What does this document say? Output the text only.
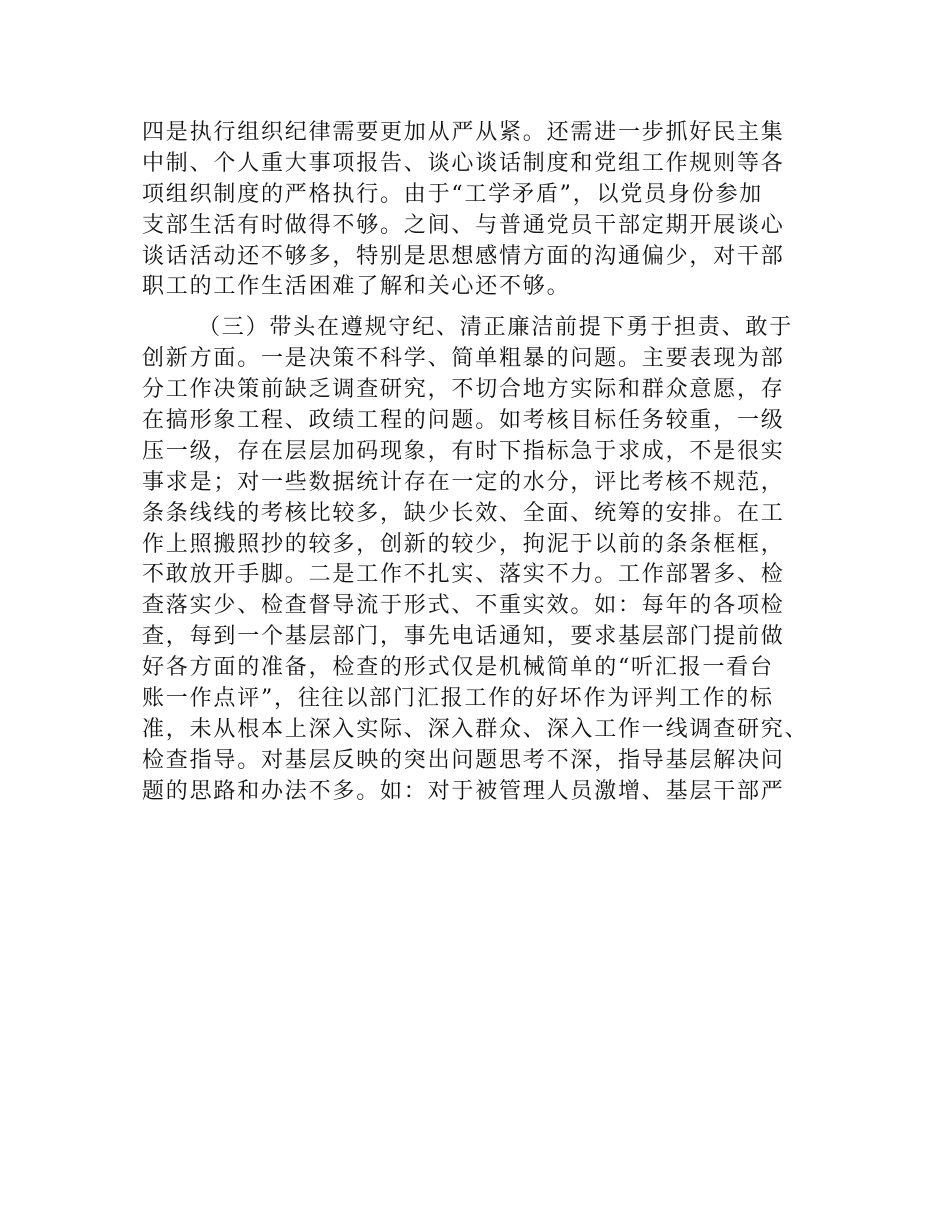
四是执行组织纪律需要更加从严从紧。还需进一步抓好民主集
中制、个人重大事项报告、谈心谈话制度和党组工作规则等各
项组织制度的严格执行。由于“工学矛盾”，以党员身份参加
支部生活有时做得不够。之间、与普通党员干部定期开展谈心
谈话活动还不够多，特别是思想感情方面的沟通偏少，对干部
职工的工作生活困难了解和关心还不够。
（三）带头在遵规守纪、清正廉洁前提下勇于担责、敢于
创新方面。一是决策不科学、简单粗暴的问题。主要表现为部
分工作决策前缺乏调查研究，不切合地方实际和群众意愿，存
在搞形象工程、政绩工程的问题。如考核目标任务较重，一级
压一级，存在层层加码现象，有时下指标急于求成，不是很实
事求是；对一些数据统计存在一定的水分，评比考核不规范，
条条线线的考核比较多，缺少长效、全面、统筹的安排。在工
作上照搬照抄的较多，创新的较少，拘泥于以前的条条框框，
不敢放开手脚。二是工作不扎实、落实不力。工作部署多、检
查落实少、检查督导流于形式、不重实效。如：每年的各项检
查，每到一个基层部门，事先电话通知，要求基层部门提前做
好各方面的准备，检查的形式仅是机械简单的“听汇报一看台
账一作点评”，往往以部门汇报工作的好坏作为评判工作的标
准，未从根本上深入实际、深入群众、深入工作一线调查研究、
检查指导。对基层反映的突出问题思考不深，指导基层解决问
题的思路和办法不多。如：对于被管理人员激增、基层干部严
